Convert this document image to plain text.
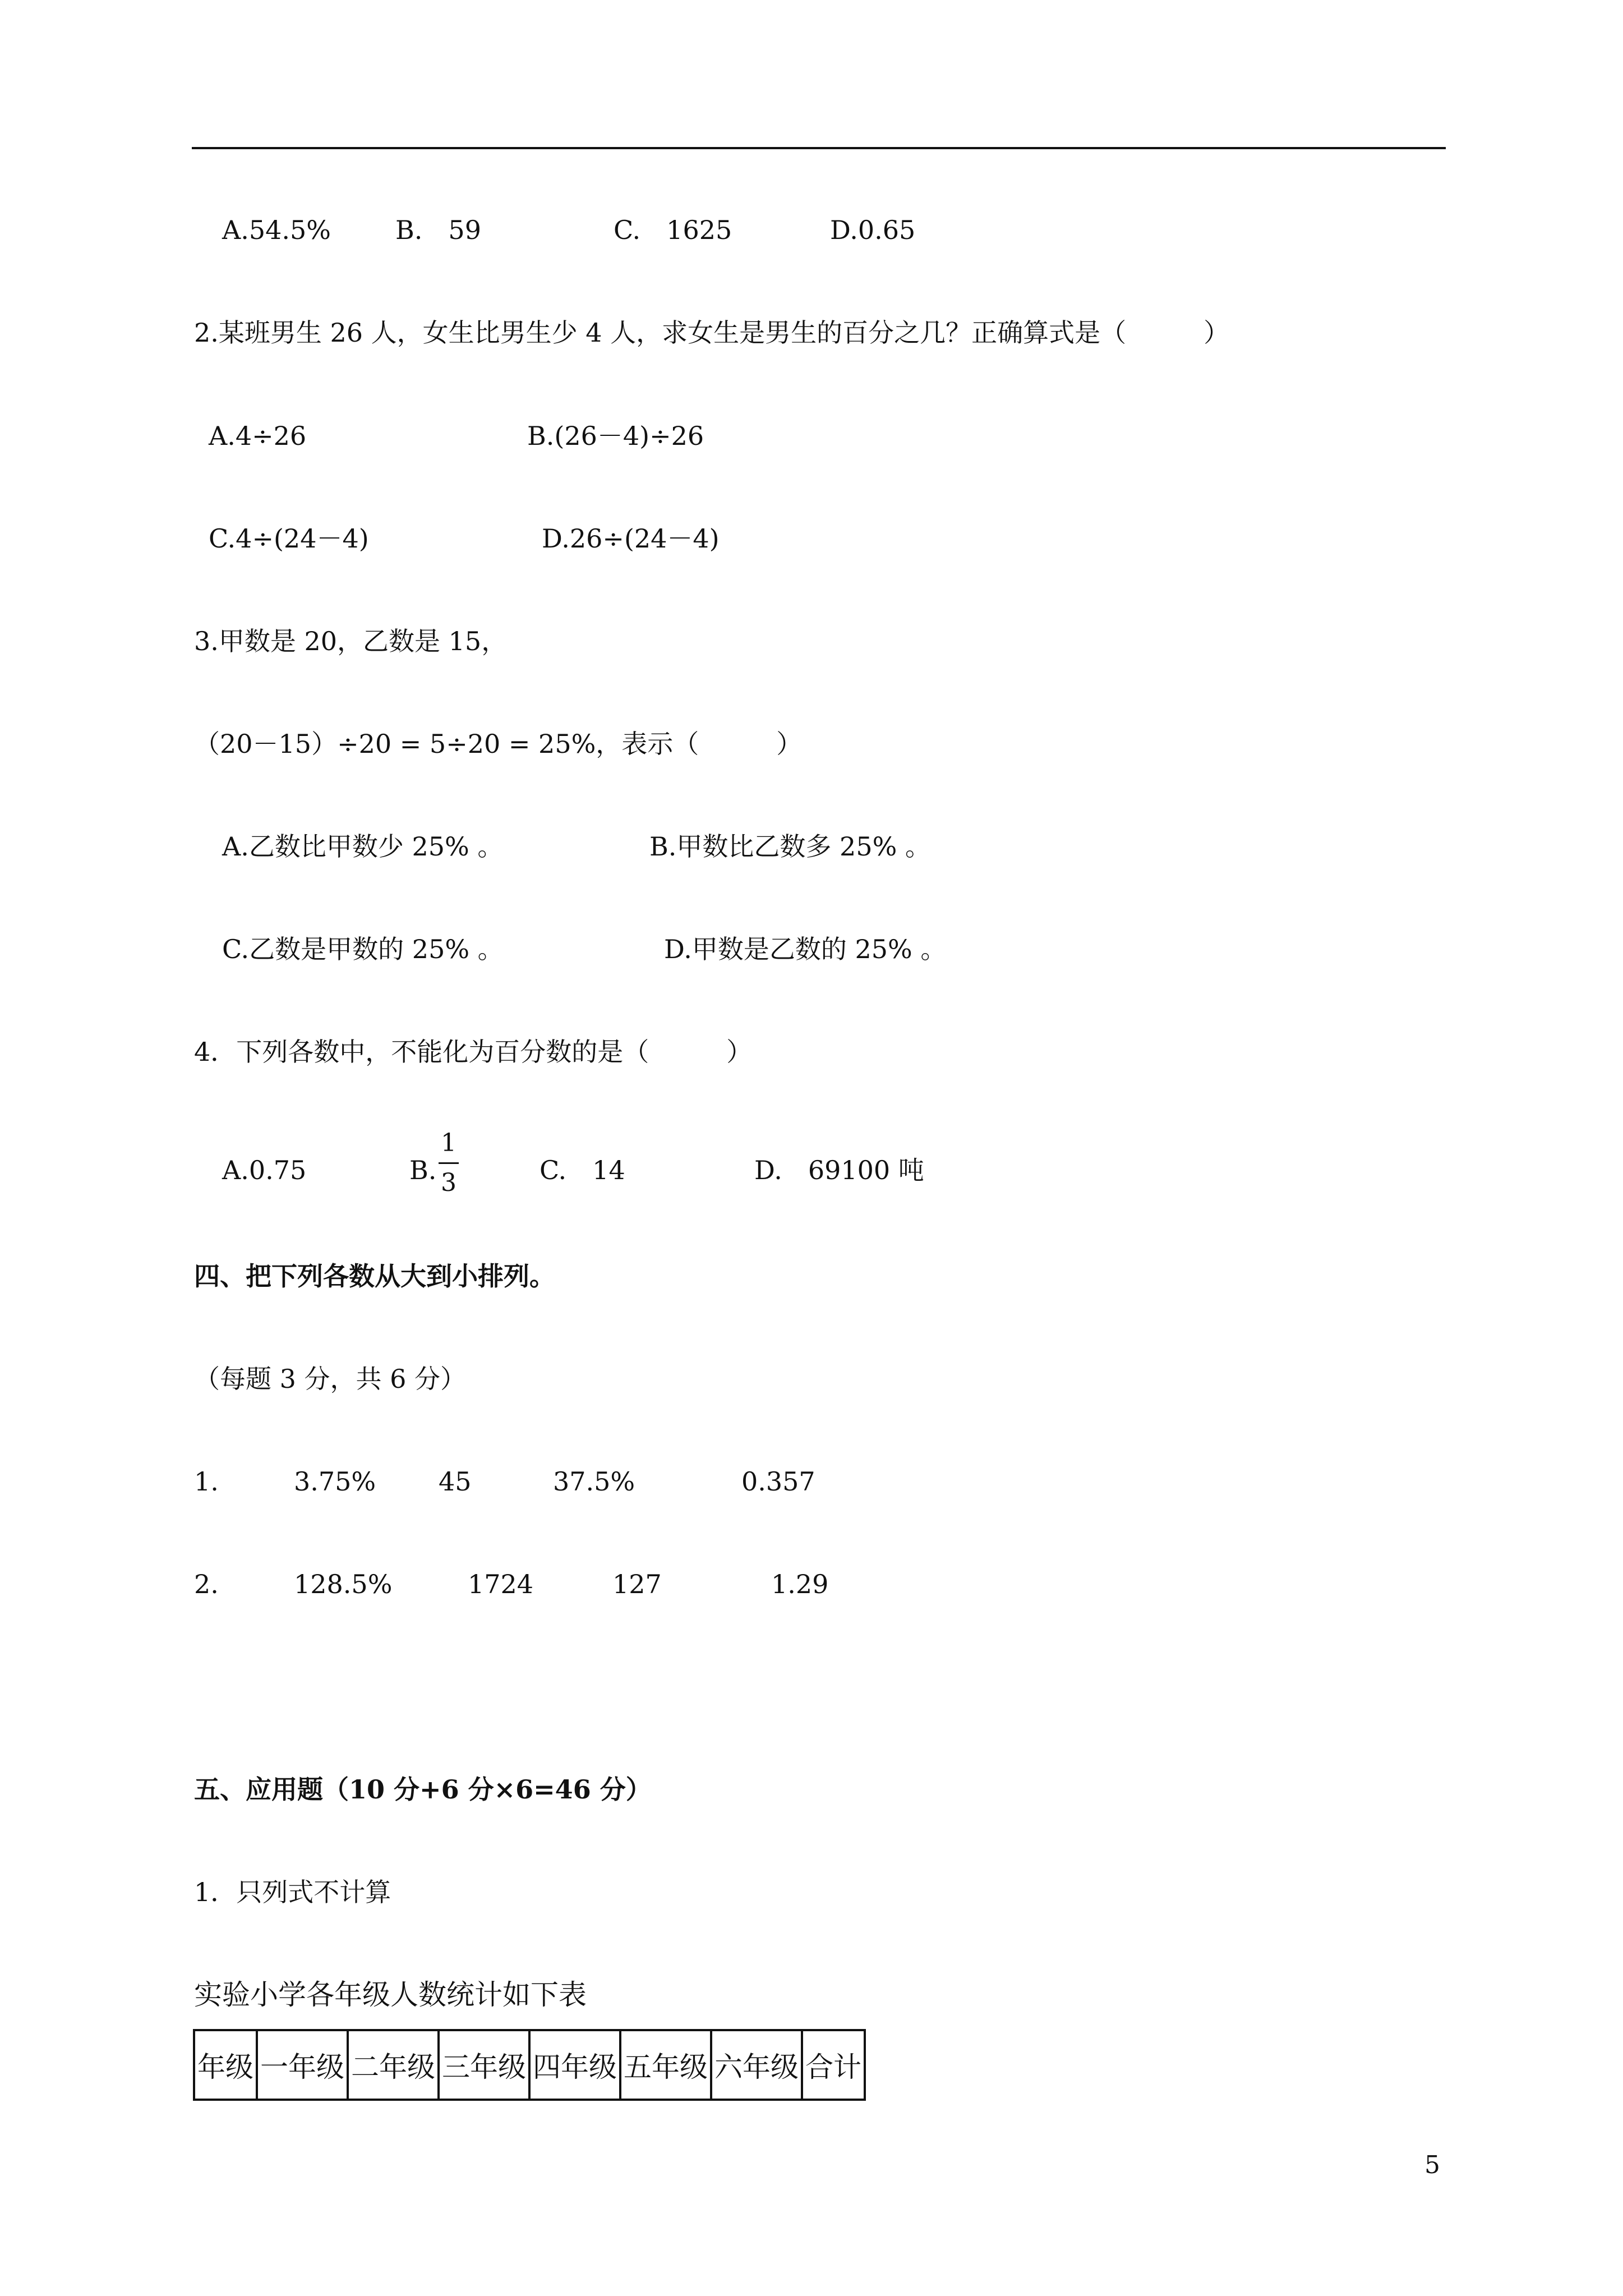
A.54.5%	B.　59	C.　1625	D.0.65
2.某班男生 26 人，女生比男生少 4 人，求女生是男生的百分之几？正确算式是（　　　）
A.4÷26	B.(26－4)÷26
C.4÷(24－4)	D.26÷(24－4)
3.甲数是 20，乙数是 15，
（20－15）÷20 = 5÷20 = 25%，表示（　　　）
A.乙数比甲数少 25% 。	B.甲数比乙数多 25% 。
C.乙数是甲数的 25% 。	D.甲数是乙数的 25% 。
4．下列各数中，不能化为百分数的是（　　　）
A.0.75	B.
1
3	C.　14	D.　69100 吨
四、把下列各数从大到小排列。
（每题 3 分，共 6 分）
1.	3.75% 45	37.5%	0.357
2.	128.5%	1724	127	1.29
五、应用题（10 分+6 分×6=46 分）
1．只列式不计算
实验小学各年级人数统计如下表
年级	一年级	二年级	三年级	四年级	五年级	六年级	合计
5
